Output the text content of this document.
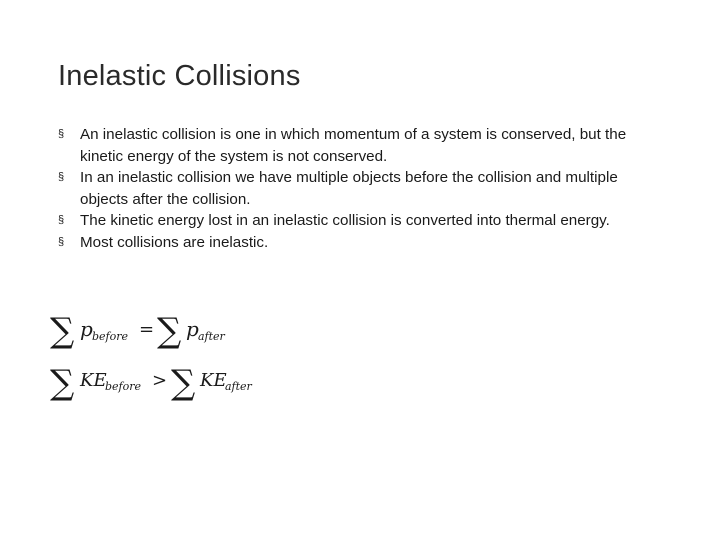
Inelastic Collisions
§ An inelastic collision is one in which momentum of a system is conserved, but the kinetic energy of the system is not conserved.
§ In an inelastic collision we have multiple objects before the collision and multiple objects after the collision.
§ The kinetic energy lost in an inelastic collision is converted into thermal energy.
§ Most collisions are inelastic.
∑ p before = ∑ p after
∑ KE
before > ∑ KE
after
